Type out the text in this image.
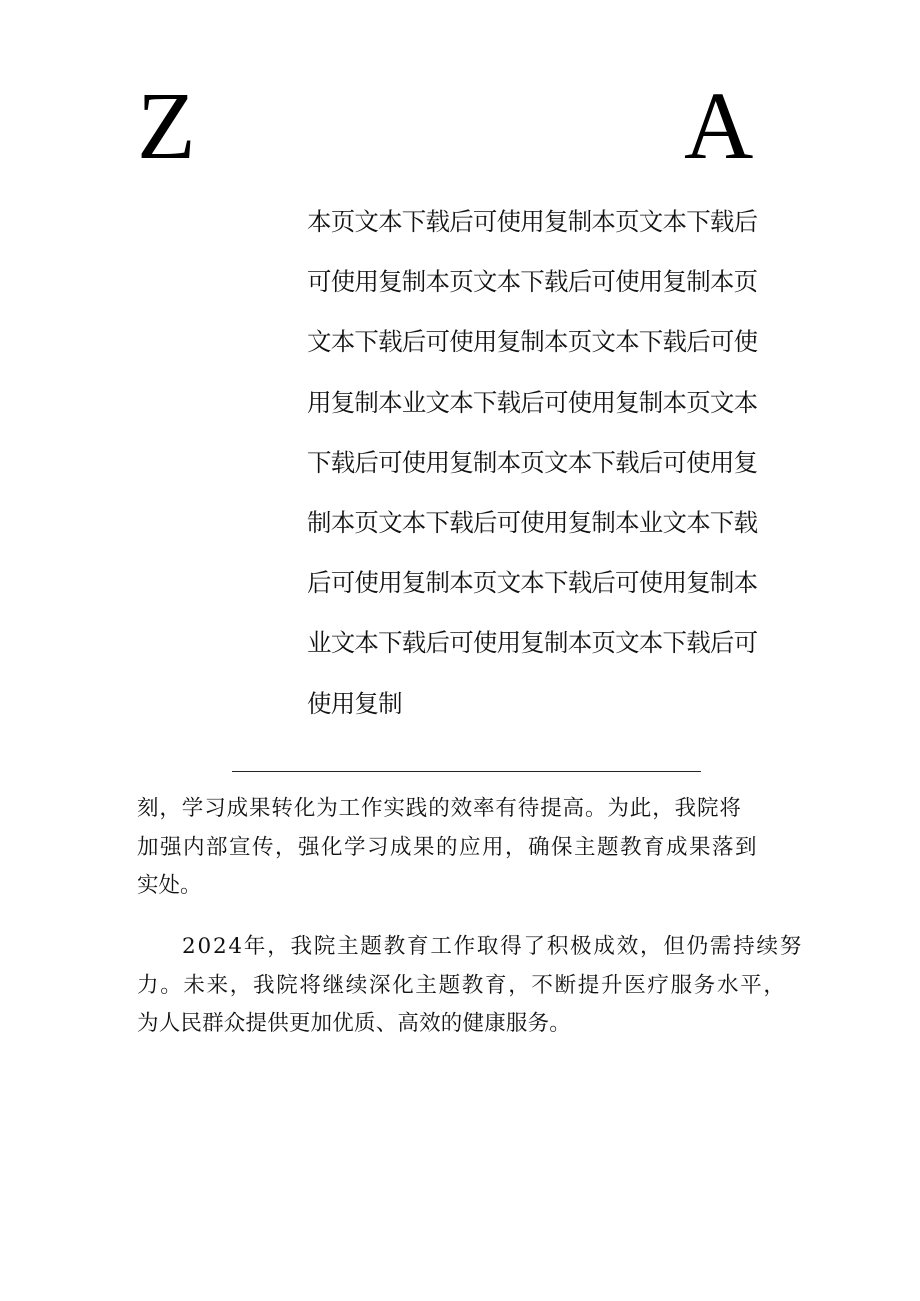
Z	A
本页文本下载后可使用复制本页文本下载后
可使用复制本页文本下载后可使用复制本页
文本下载后可使用复制本页文本下载后可使
用复制本业文本下载后可使用复制本页文本
下载后可使用复制本页文本下载后可使用复
制本页文本下载后可使用复制本业文本下载
后可使用复制本页文本下载后可使用复制本
业文本下载后可使用复制本页文本下载后可
使用复制
刻，学习成果转化为工作实践的效率有待提高。为此，我院将
加强内部宣传，强化学习成果的应用，确保主题教育成果落到
实处。
2024年，我院主题教育工作取得了积极成效，但仍需持续努
力。未来，我院将继续深化主题教育，不断提升医疗服务水平，
为人民群众提供更加优质、高效的健康服务。
